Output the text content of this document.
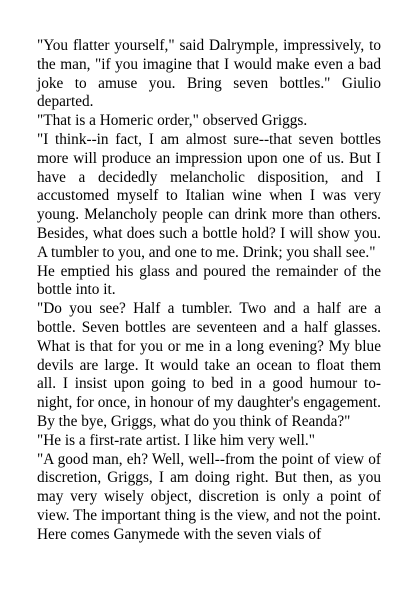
"You flatter yourself," said Dalrymple, impressively, to the man, "if you imagine that I would make even a bad joke to amuse you. Bring seven bottles." Giulio departed.

"That is a Homeric order," observed Griggs.

"I think--in fact, I am almost sure--that seven bottles more will produce an impression upon one of us. But I have a decidedly melancholic disposition, and I accustomed myself to Italian wine when I was very young. Melancholy people can drink more than others. Besides, what does such a bottle hold? I will show you. A tumbler to you, and one to me. Drink; you shall see."

He emptied his glass and poured the remainder of the bottle into it.

"Do you see? Half a tumbler. Two and a half are a bottle. Seven bottles are seventeen and a half glasses. What is that for you or me in a long evening? My blue devils are large. It would take an ocean to float them all. I insist upon going to bed in a good humour to-night, for once, in honour of my daughter's engagement. By the bye, Griggs, what do you think of Reanda?"

"He is a first-rate artist. I like him very well."

"A good man, eh? Well, well--from the point of view of discretion, Griggs, I am doing right. But then, as you may very wisely object, discretion is only a point of view. The important thing is the view, and not the point. Here comes Ganymede with the seven vials of
